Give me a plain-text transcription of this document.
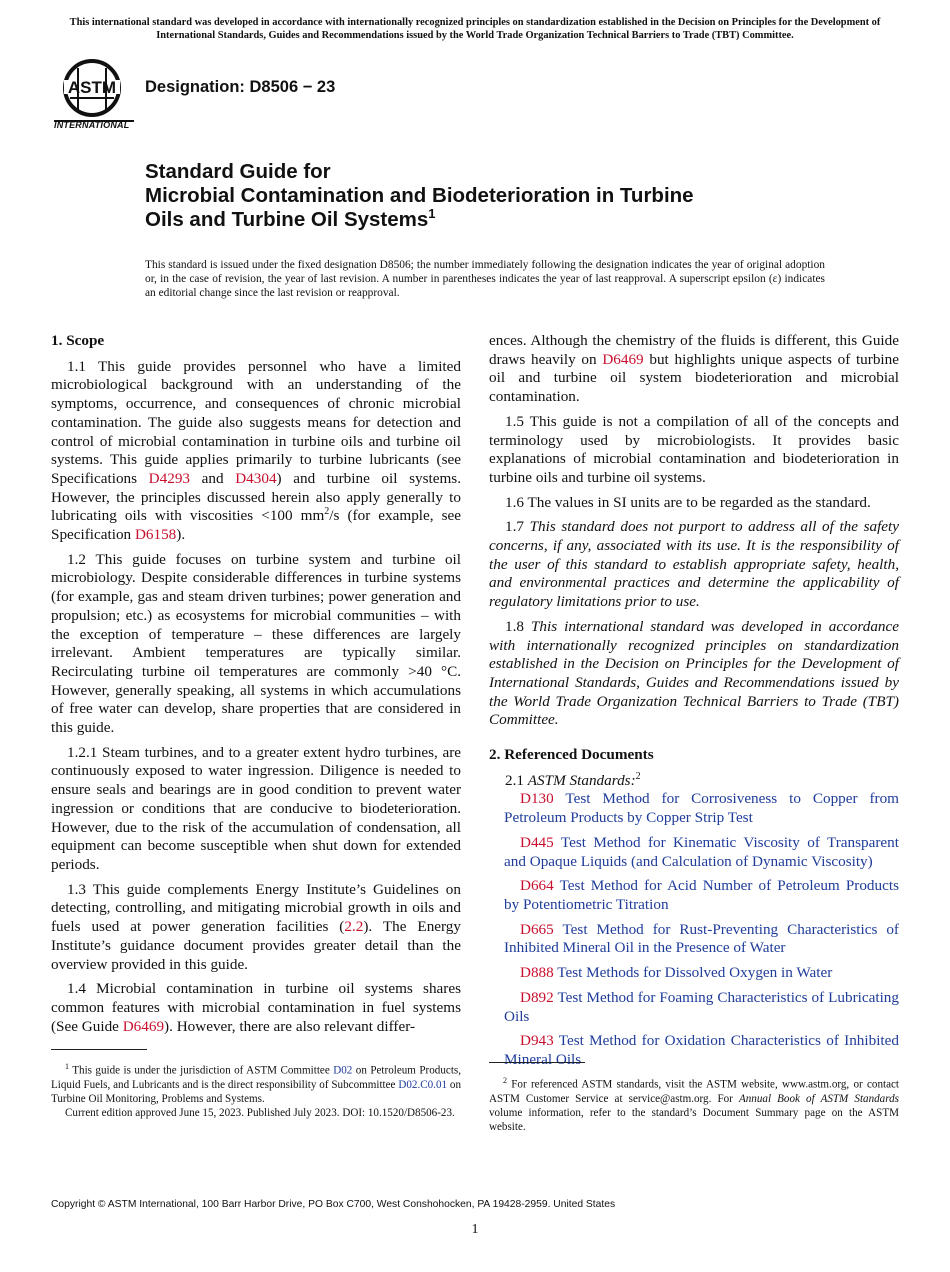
This international standard was developed in accordance with internationally recognized principles on standardization established in the Decision on Principles for the Development of International Standards, Guides and Recommendations issued by the World Trade Organization Technical Barriers to Trade (TBT) Committee.
ASTM
INTERNATIONAL
Designation: D8506 − 23
Standard Guide for
Microbial Contamination and Biodeterioration in Turbine
Oils and Turbine Oil Systems$^1$
This standard is issued under the fixed designation D8506; the number immediately following the designation indicates the year of original adoption or, in the case of revision, the year of last revision. A number in parentheses indicates the year of last reapproval. A superscript epsilon (ε) indicates an editorial change since the last revision or reapproval.
1. Scope

1.1 This guide provides personnel who have a limited microbiological background with an understanding of the symptoms, occurrence, and consequences of chronic microbial contamination. The guide also suggests means for detection and control of microbial contamination in turbine oils and turbine oil systems. This guide applies primarily to turbine lubricants (see Specifications D4293 and D4304) and turbine oil systems. However, the principles discussed herein also apply generally to lubricating oils with viscosities <100 $mm^2/s$ (for example, see Specification D6158).

1.2 This guide focuses on turbine system and turbine oil microbiology. Despite considerable differences in turbine systems (for example, gas and steam driven turbines; power generation and propulsion; etc.) as ecosystems for microbial communities – with the exception of temperature – these differences are largely irrelevant. Ambient temperatures are typically similar. Recirculating turbine oil temperatures are commonly >40 °C. However, generally speaking, all systems in which accumulations of free water can develop, share properties that are considered in this guide.

1.2.1 Steam turbines, and to a greater extent hydro turbines, are continuously exposed to water ingression. Diligence is needed to ensure seals and bearings are in good condition to prevent water ingression or conditions that are conducive to biodeterioration. However, due to the risk of the accumulation of condensation, all equipment can become susceptible when shut down for extended periods.

1.3 This guide complements Energy Institute’s Guidelines on detecting, controlling, and mitigating microbial growth in oils and fuels used at power generation facilities (2.2). The Energy Institute’s guidance document provides greater detail than the overview provided in this guide.

1.4 Microbial contamination in turbine oil systems shares common features with microbial contamination in fuel systems (See Guide D6469). However, there are also relevant differ-

ences. Although the chemistry of the fluids is different, this Guide draws heavily on D6469 but highlights unique aspects of turbine oil and turbine oil system biodeterioration and microbial contamination.

1.5 This guide is not a compilation of all of the concepts and terminology used by microbiologists. It provides basic explanations of microbial contamination and biodeterioration in turbine oils and turbine oil systems.

1.6 The values in SI units are to be regarded as the standard.

1.7 This standard does not purport to address all of the safety concerns, if any, associated with its use. It is the responsibility of the user of this standard to establish appropriate safety, health, and environmental practices and determine the applicability of regulatory limitations prior to use.

1.8 This international standard was developed in accordance with internationally recognized principles on standardization established in the Decision on Principles for the Development of International Standards, Guides and Recommendations issued by the World Trade Organization Technical Barriers to Trade (TBT) Committee.

2. Referenced Documents

2.1 ASTM Standards:$^2$

D130 Test Method for Corrosiveness to Copper from Petroleum Products by Copper Strip Test

D445 Test Method for Kinematic Viscosity of Transparent and Opaque Liquids (and Calculation of Dynamic Viscosity)

D664 Test Method for Acid Number of Petroleum Products by Potentiometric Titration

D665 Test Method for Rust-Preventing Characteristics of Inhibited Mineral Oil in the Presence of Water

D888 Test Methods for Dissolved Oxygen in Water

D892 Test Method for Foaming Characteristics of Lubricating Oils

D943 Test Method for Oxidation Characteristics of Inhibited Mineral Oils

$^1$ This guide is under the jurisdiction of ASTM Committee D02 on Petroleum Products, Liquid Fuels, and Lubricants and is the direct responsibility of Subcommittee D02.C0.01 on Turbine Oil Monitoring, Problems and Systems.

Current edition approved June 15, 2023. Published July 2023. DOI: 10.1520/D8506-23.

$^2$ For referenced ASTM standards, visit the ASTM website, www.astm.org, or contact ASTM Customer Service at service@astm.org. For Annual Book of ASTM Standards volume information, refer to the standard’s Document Summary page on the ASTM website.

Copyright © ASTM International, 100 Barr Harbor Drive, PO Box C700, West Conshohocken, PA 19428-2959. United States
1
